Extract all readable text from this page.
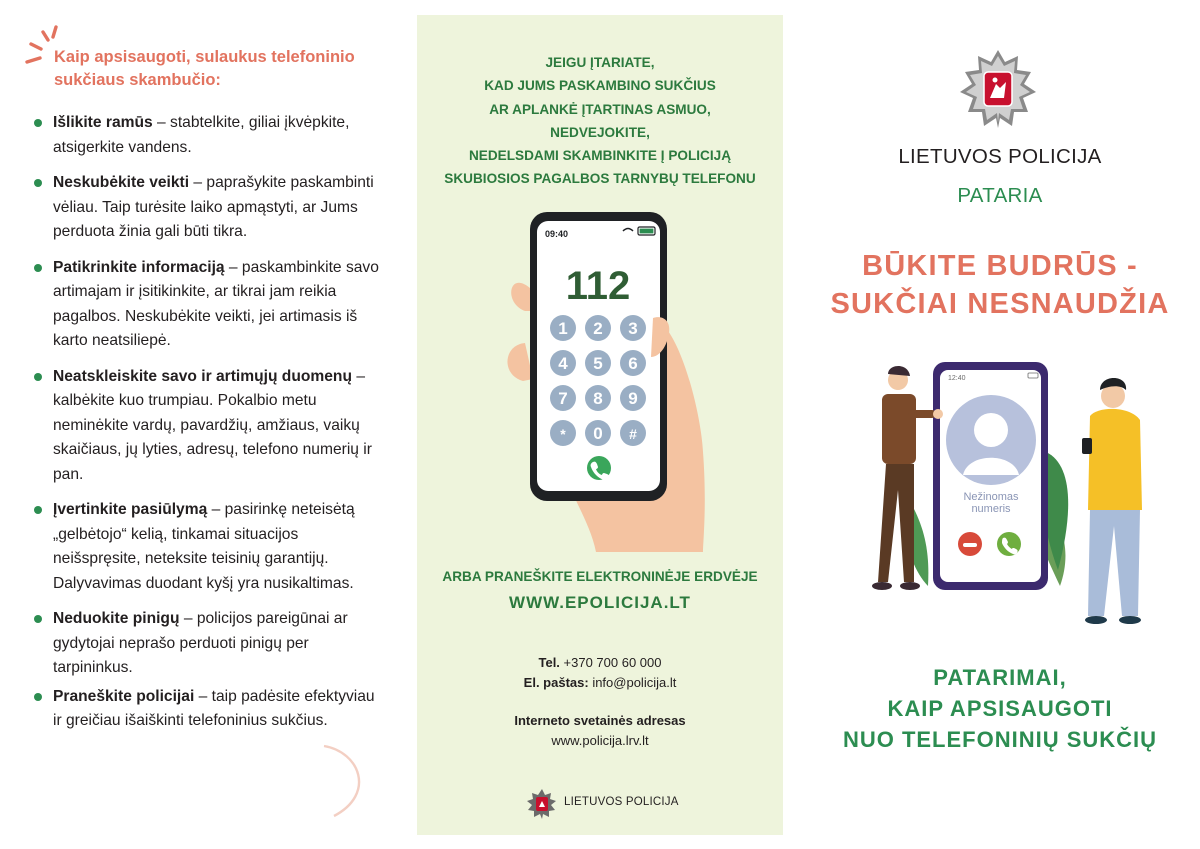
Kaip apsisaugoti, sulaukus telefoninio
sukčiaus skambučio:
Išlikite ramūs – stabtelkite, giliai įkvėpkite, atsigerkite vandens.
Neskubėkite veikti – paprašykite paskambinti vėliau. Taip turėsite laiko apmąstyti, ar Jums perduota žinia gali būti tikra.
Patikrinkite informaciją – paskambinkite savo artimajam ir įsitikinkite, ar tikrai jam reikia pagalbos. Neskubėkite veikti, jei artimasis iš karto neatsiliepė.
Neatskleiskite savo ir artimųjų duomenų – kalbėkite kuo trumpiau. Pokalbio metu neminėkite vardų, pavardžių, amžiaus, vaikų skaičiaus, jų lyties, adresų, telefono numerių ir pan.
Įvertinkite pasiūlymą – pasirinkę neteisėtą „gelbėtojo“ kelią, tinkamai situacijos neišspręsite, neteksite teisinių garantijų. Dalyvavimas duodant kyšį yra nusikaltimas.
Neduokite pinigų – policijos pareigūnai ar gydytojai neprašo perduoti pinigų per tarpininkus.
Praneškite policijai – taip padėsite efektyviau ir greičiau išaiškinti telefoninius sukčius.
JEIGU ĮTARIATE,
KAD JUMS PASKAMBINO SUKČIUS
AR APLANKĖ ĮTARTINAS ASMUO,
NEDVEJOKITE,
NEDELSDAMI SKAMBINKITE Į POLICIJĄ
SKUBIOSIOS PAGALBOS TARNYBŲ TELEFONU
09:40
112
1 2 3
4 5 6
7 8 9
* 0 #
ARBA PRANEŠKITE ELEKTRONINĖJE ERDVĖJE
WWW.EPOLICIJA.LT
Tel. +370 700 60 000
El. paštas: info@policija.lt
Interneto svetainės adresas
www.policija.lrv.lt
LIETUVOS POLICIJA
LIETUVOS POLICIJA
PATARIA
BŪKITE BUDRŪS -
SUKČIAI NESNAUDŽIA
12:40
Nežinomas
numeris
PATARIMAI,
KAIP APSISAUGOTI
NUO TELEFONINIŲ SUKČIŲ
